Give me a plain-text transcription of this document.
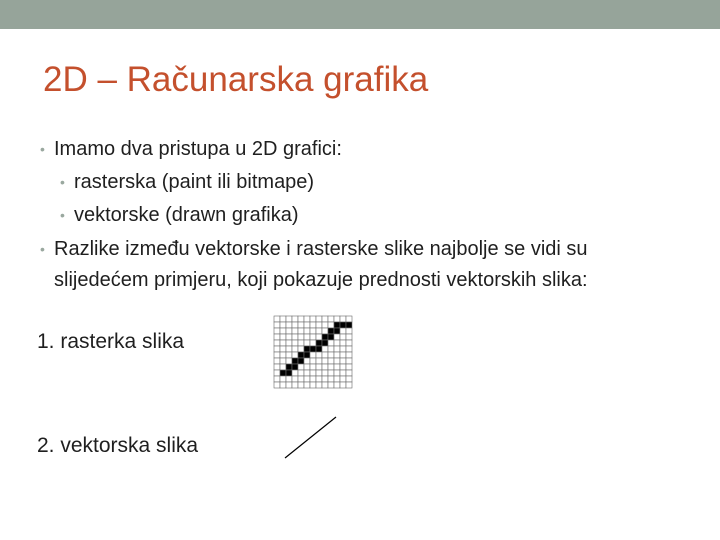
2D – Računarska grafika
• Imamo dva pristupa u 2D grafici:
• rasterska (paint ili bitmape)
• vektorske (drawn grafika)
• Razlike između vektorske i rasterske slike najbolje se vidi su
slijedećem primjeru, koji pokazuje prednosti vektorskih slika:
1. rasterka slika
2. vektorska slika
